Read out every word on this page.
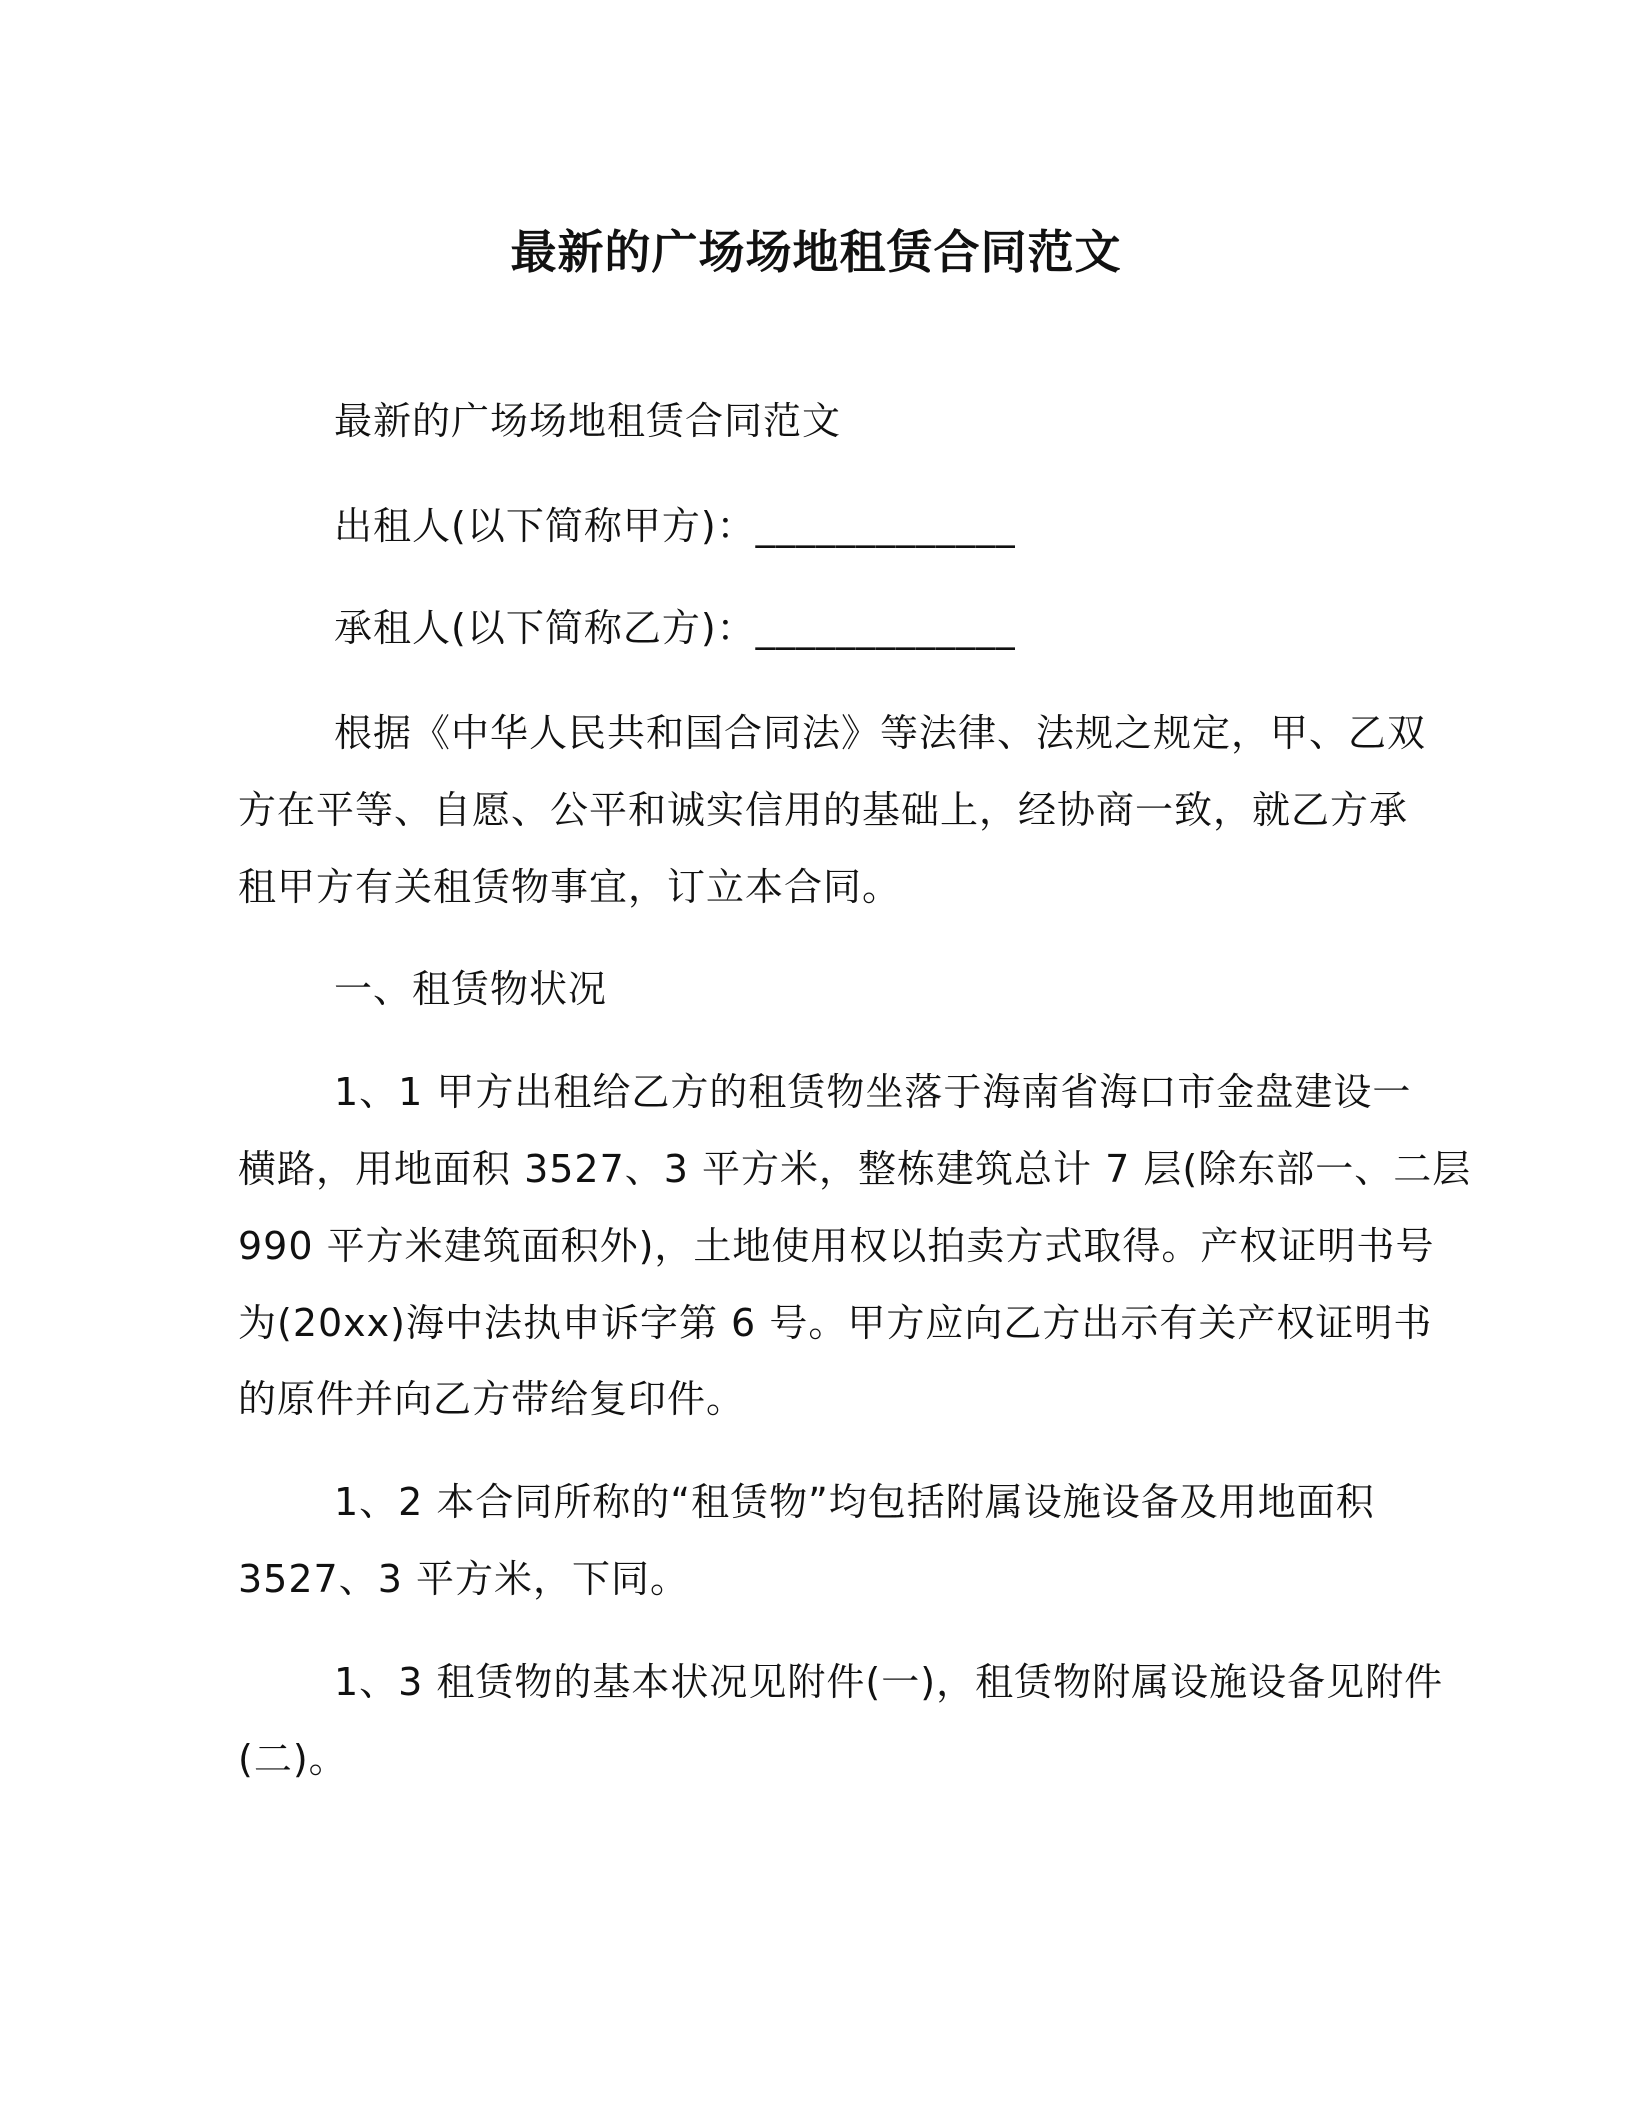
最新的广场场地租赁合同范文
最新的广场场地租赁合同范文
出租人(以下简称甲方)：_____________
承租人(以下简称乙方)：_____________
根据《中华人民共和国合同法》等法律、法规之规定，甲、乙双
方在平等、自愿、公平和诚实信用的基础上，经协商一致，就乙方承
租甲方有关租赁物事宜，订立本合同。
一、租赁物状况
1、1 甲方出租给乙方的租赁物坐落于海南省海口市金盘建设一
横路，用地面积 3527、3 平方米，整栋建筑总计 7 层(除东部一、二层
990 平方米建筑面积外)，土地使用权以拍卖方式取得。产权证明书号
为(20xx)海中法执申诉字第 6 号。甲方应向乙方出示有关产权证明书
的原件并向乙方带给复印件。
1、2 本合同所称的“租赁物”均包括附属设施设备及用地面积
3527、3 平方米，下同。
1、3 租赁物的基本状况见附件(一)，租赁物附属设施设备见附件
(二)。
